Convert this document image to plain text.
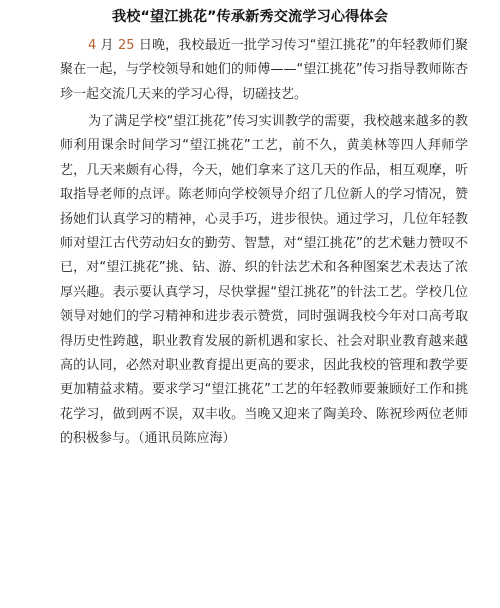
我校“望江挑花”传承新秀交流学习心得体会
4 月 25 日晚，我校最近一批学习传习“望江挑花”的年轻教师们聚聚在一起，与学校领导和她们的师傅——“望江挑花”传习指导教师陈杏珍一起交流几天来的学习心得，切磋技艺。
为了满足学校“望江挑花”传习实训教学的需要，我校越来越多的教师利用课余时间学习“望江挑花”工艺，前不久，黄美林等四人拜师学艺，几天来颇有心得，今天，她们拿来了这几天的作品，相互观摩，听取指导老师的点评。陈老师向学校领导介绍了几位新人的学习情况，赞扬她们认真学习的精神，心灵手巧，进步很快。通过学习，几位年轻教师对望江古代劳动妇女的勤劳、智慧，对“望江挑花”的艺术魅力赞叹不已，对“望江挑花”挑、钻、游、织的针法艺术和各种图案艺术表达了浓厚兴趣。表示要认真学习，尽快掌握“望江挑花”的针法工艺。学校几位领导对她们的学习精神和进步表示赞赏，同时强调我校今年对口高考取得历史性跨越，职业教育发展的新机遇和家长、社会对职业教育越来越高的认同，必然对职业教育提出更高的要求，因此我校的管理和教学要更加精益求精。要求学习“望江挑花”工艺的年轻教师要兼顾好工作和挑花学习，做到两不误，双丰收。当晚又迎来了陶美玲、陈祝珍两位老师的积极参与。（通讯员陈应海）
